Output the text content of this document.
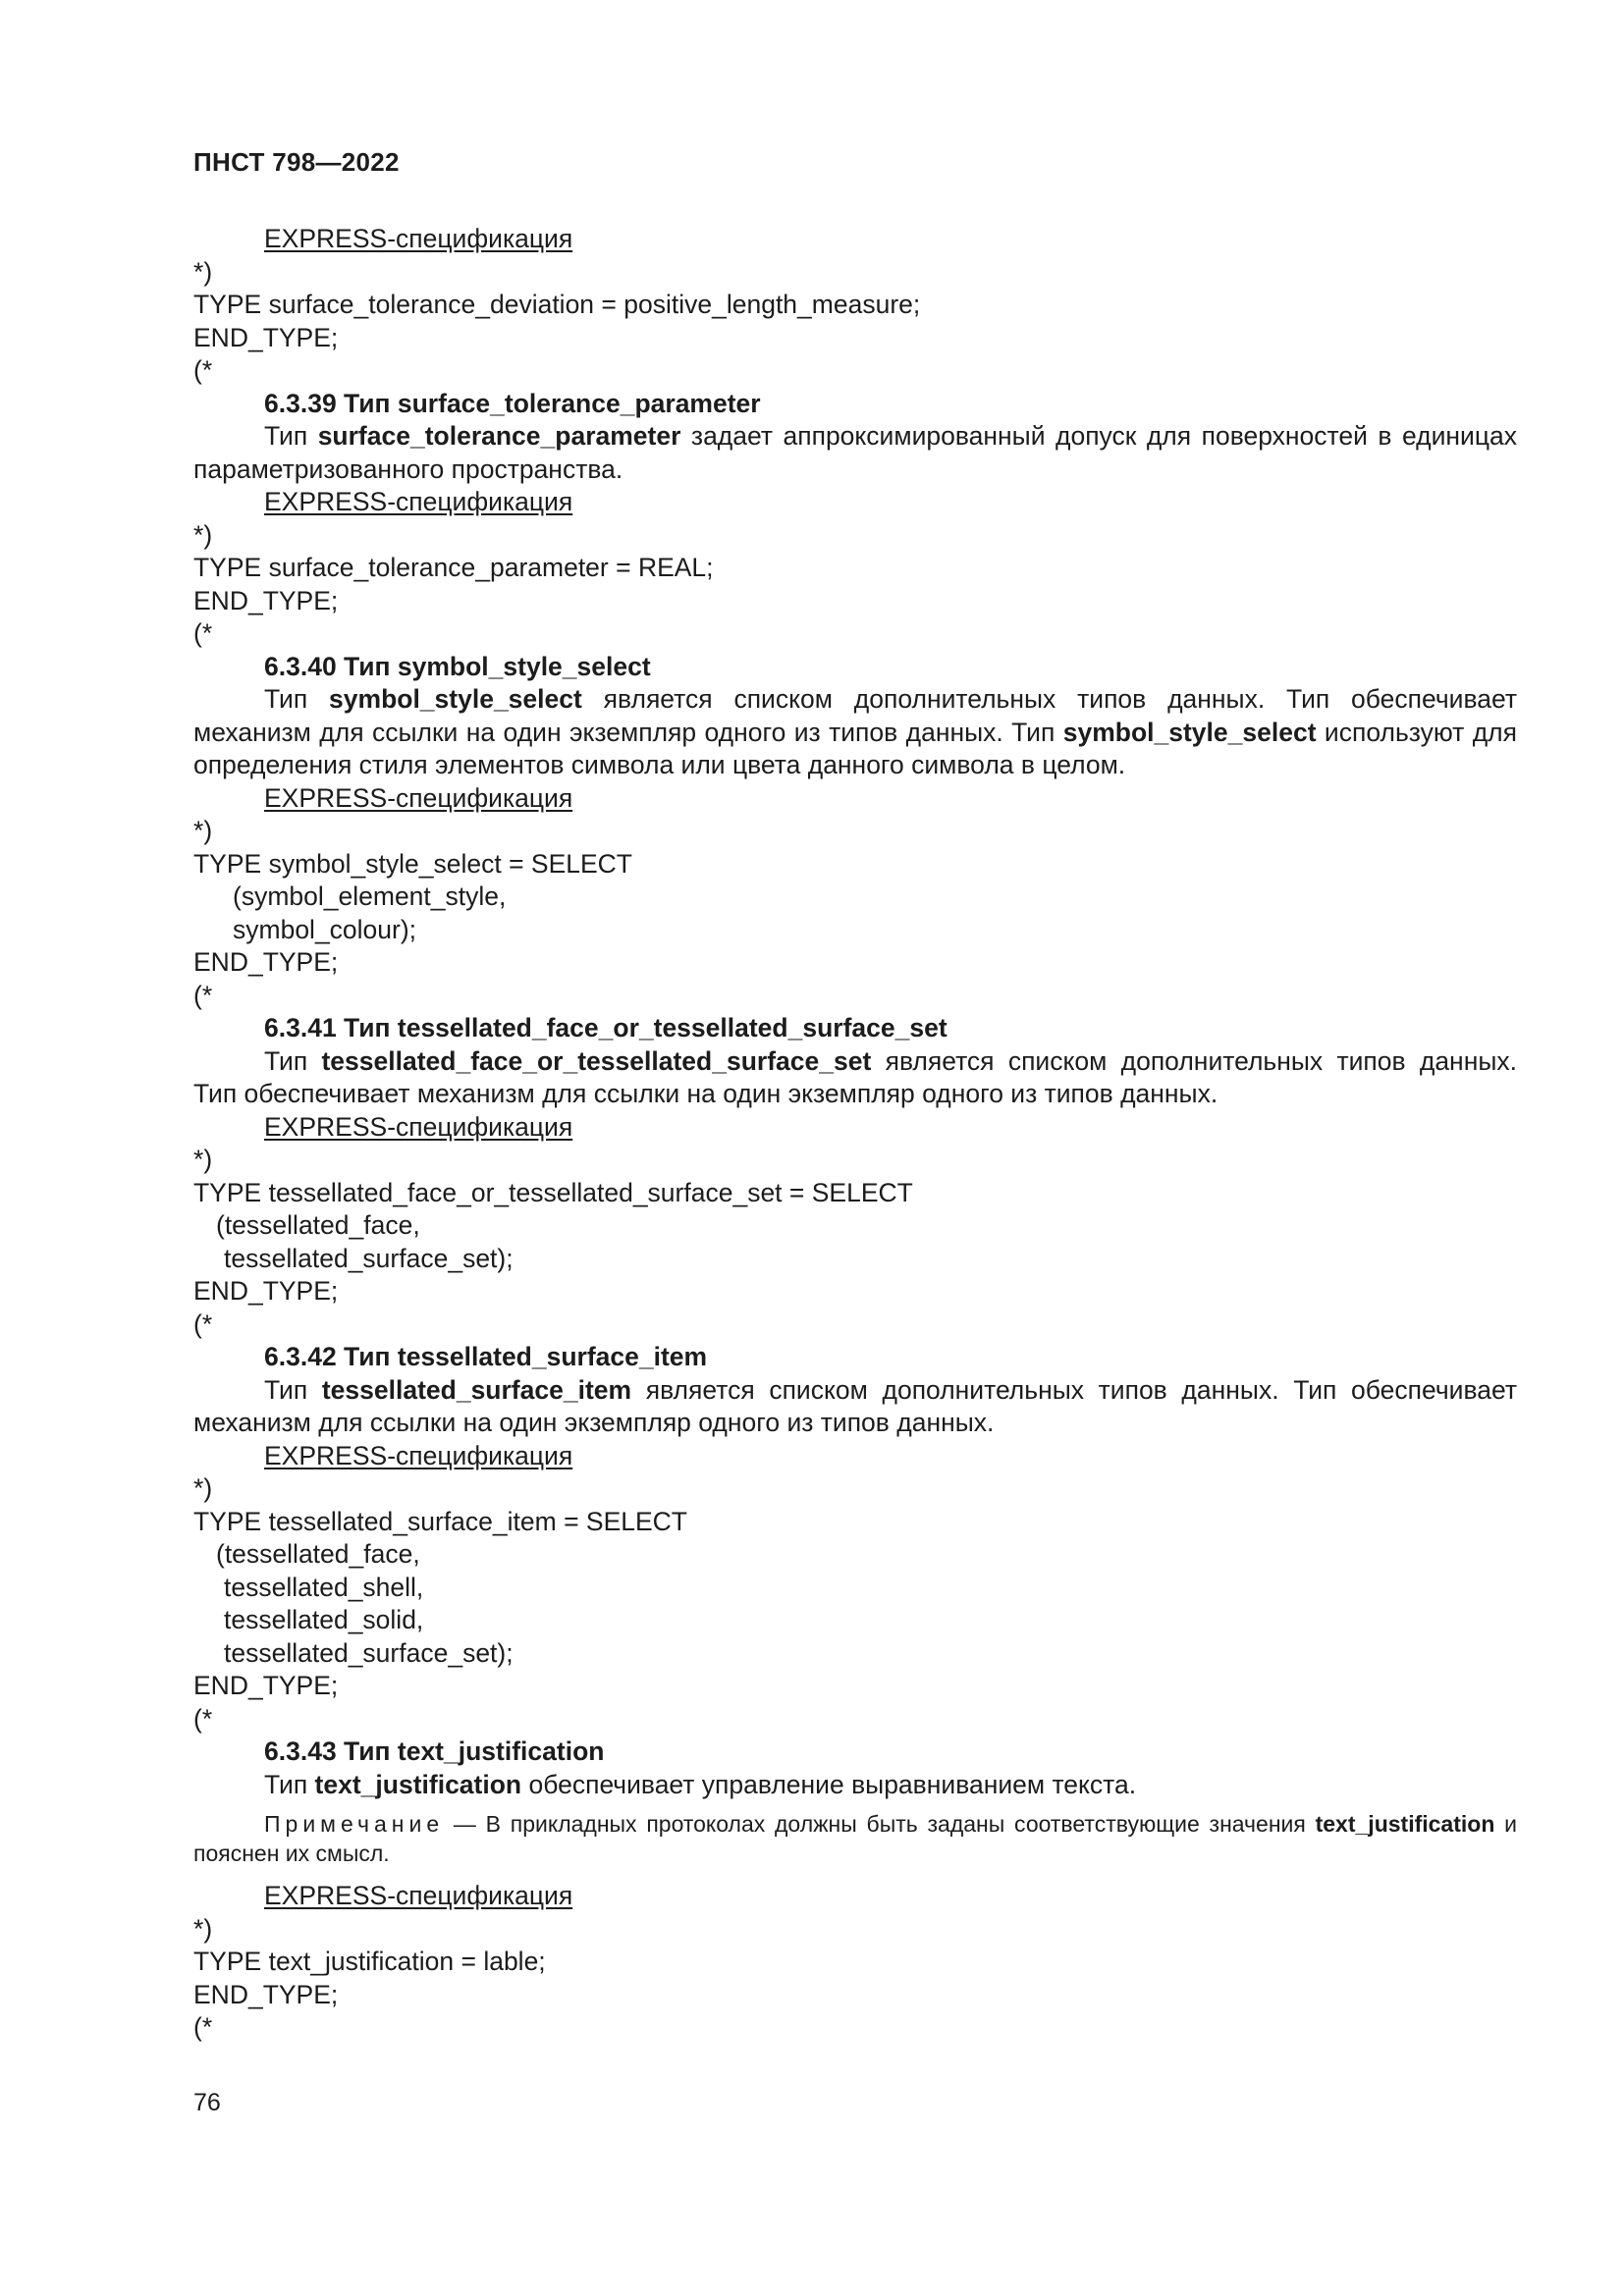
ПНСТ 798—2022
EXPRESS-спецификация
*)
TYPE surface_tolerance_deviation = positive_length_measure;
END_TYPE;
(*
6.3.39 Тип surface_tolerance_parameter
Тип surface_tolerance_parameter задает аппроксимированный допуск для поверхностей в единицах параметризованного пространства.
EXPRESS-спецификация
*)
TYPE surface_tolerance_parameter = REAL;
END_TYPE;
(*
6.3.40 Тип symbol_style_select
Тип symbol_style_select является списком дополнительных типов данных. Тип обеспечивает механизм для ссылки на один экземпляр одного из типов данных. Тип symbol_style_select используют для определения стиля элементов символа или цвета данного символа в целом.
EXPRESS-спецификация
*)
TYPE symbol_style_select = SELECT
(symbol_element_style,
symbol_colour);
END_TYPE;
(*
6.3.41 Тип tessellated_face_or_tessellated_surface_set
Тип tessellated_face_or_tessellated_surface_set является списком дополнительных типов данных. Тип обеспечивает механизм для ссылки на один экземпляр одного из типов данных.
EXPRESS-спецификация
*)
TYPE tessellated_face_or_tessellated_surface_set = SELECT
(tessellated_face,
tessellated_surface_set);
END_TYPE;
(*
6.3.42 Тип tessellated_surface_item
Тип tessellated_surface_item является списком дополнительных типов данных. Тип обеспечивает механизм для ссылки на один экземпляр одного из типов данных.
EXPRESS-спецификация
*)
TYPE tessellated_surface_item = SELECT
(tessellated_face,
tessellated_shell,
tessellated_solid,
tessellated_surface_set);
END_TYPE;
(*
6.3.43 Тип text_justification
Тип text_justification обеспечивает управление выравниванием текста.
Примечание — В прикладных протоколах должны быть заданы соответствующие значения text_justification и пояснен их смысл.
EXPRESS-спецификация
*)
TYPE text_justification = lable;
END_TYPE;
(*
76
